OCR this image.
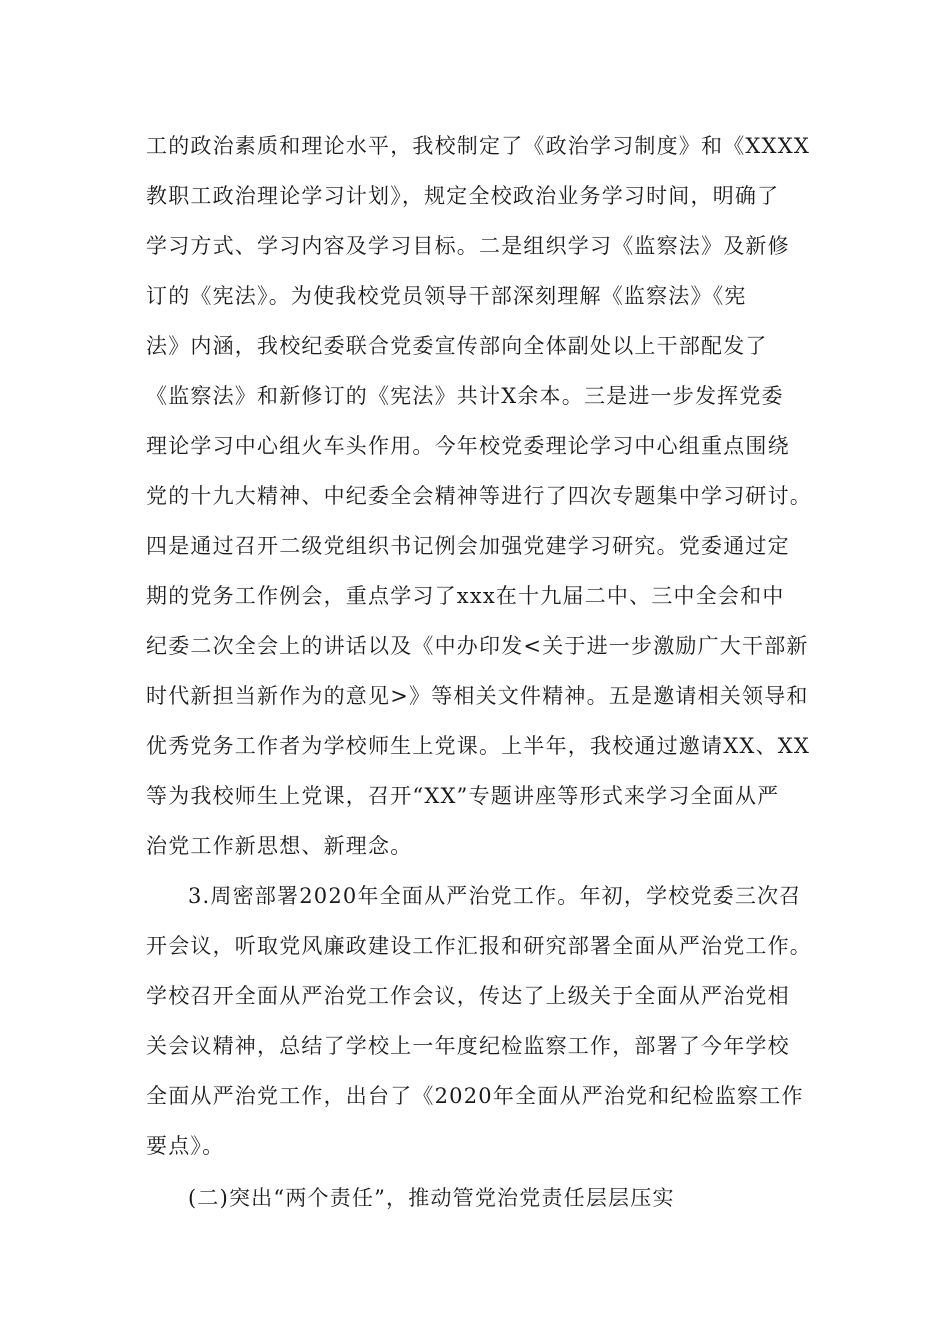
工的政治素质和理论水平，我校制定了《政治学习制度》和《XXXX
教职工政治理论学习计划》，规定全校政治业务学习时间，明确了
学习方式、学习内容及学习目标。二是组织学习《监察法》及新修
订的《宪法》。为使我校党员领导干部深刻理解《监察法》《宪
法》内涵，我校纪委联合党委宣传部向全体副处以上干部配发了
《监察法》和新修订的《宪法》共计X余本。三是进一步发挥党委
理论学习中心组火车头作用。今年校党委理论学习中心组重点围绕
党的十九大精神、中纪委全会精神等进行了四次专题集中学习研讨。
四是通过召开二级党组织书记例会加强党建学习研究。党委通过定
期的党务工作例会，重点学习了xxx在十九届二中、三中全会和中
纪委二次全会上的讲话以及《中办印发<关于进一步激励广大干部新
时代新担当新作为的意见>》等相关文件精神。五是邀请相关领导和
优秀党务工作者为学校师生上党课。上半年，我校通过邀请XX、XX
等为我校师生上党课，召开“XX”专题讲座等形式来学习全面从严
治党工作新思想、新理念。
3.周密部署2020年全面从严治党工作。年初，学校党委三次召
开会议，听取党风廉政建设工作汇报和研究部署全面从严治党工作。
学校召开全面从严治党工作会议，传达了上级关于全面从严治党相
关会议精神，总结了学校上一年度纪检监察工作，部署了今年学校
全面从严治党工作，出台了《2020年全面从严治党和纪检监察工作
要点》。
(二)突出“两个责任”，推动管党治党责任层层压实
